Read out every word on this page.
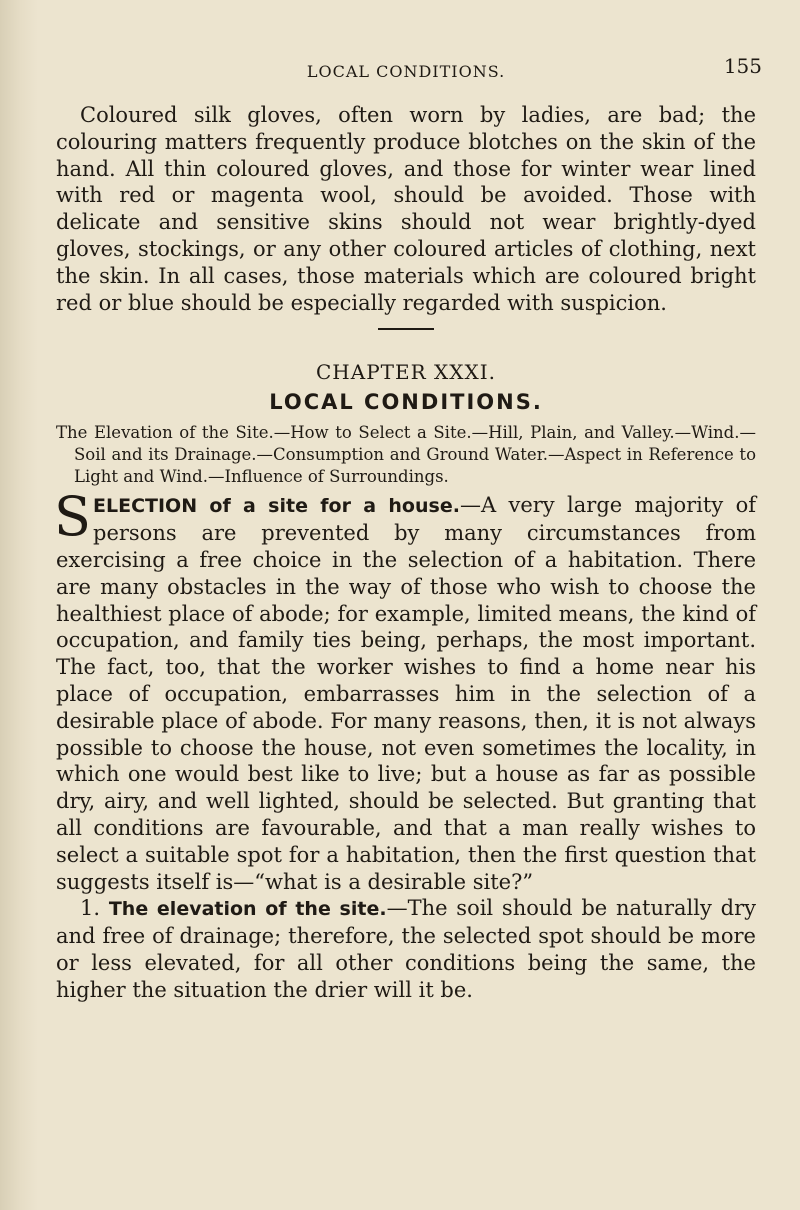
LOCAL CONDITIONS.	155

Coloured silk gloves, often worn by ladies, are bad; the colouring matters frequently produce blotches on the skin of the hand. All thin coloured gloves, and those for winter wear lined with red or magenta wool, should be avoided. Those with delicate and sensitive skins should not wear brightly-dyed gloves, stockings, or any other coloured articles of clothing, next the skin. In all cases, those materials which are coloured bright red or blue should be especially regarded with suspicion.

CHAPTER XXXI.
LOCAL CONDITIONS.

The Elevation of the Site.—How to Select a Site.—Hill, Plain, and Valley.—Wind.—Soil and its Drainage.—Consumption and Ground Water.—Aspect in Reference to Light and Wind.—Influence of Surroundings.

SELECTION of a site for a house.—A very large majority of persons are prevented by many circumstances from exercising a free choice in the selection of a habitation. There are many obstacles in the way of those who wish to choose the healthiest place of abode; for example, limited means, the kind of occupation, and family ties being, perhaps, the most important. The fact, too, that the worker wishes to find a home near his place of occupation, embarrasses him in the selection of a desirable place of abode. For many reasons, then, it is not always possible to choose the house, not even sometimes the locality, in which one would best like to live; but a house as far as possible dry, airy, and well lighted, should be selected. But granting that all conditions are favourable, and that a man really wishes to select a suitable spot for a habitation, then the first question that suggests itself is—“what is a desirable site?”

1. The elevation of the site.—The soil should be naturally dry and free of drainage; therefore, the selected spot should be more or less elevated, for all other conditions being the same, the higher the situation the drier will it be.
